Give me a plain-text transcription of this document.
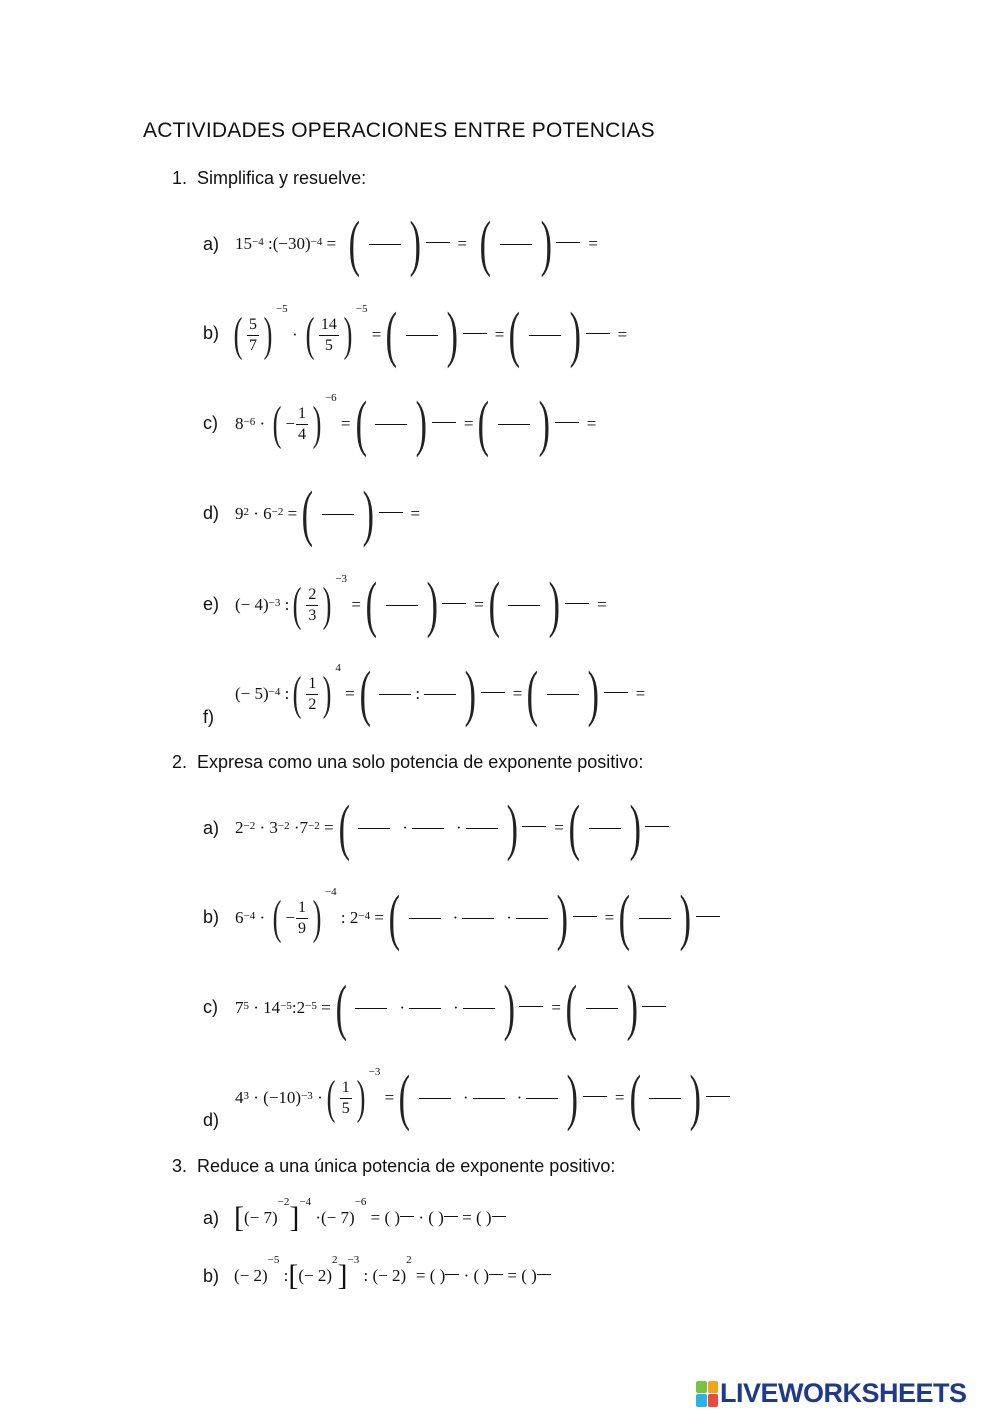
ACTIVIDADES OPERACIONES ENTRE POTENCIAS
1. Simplifica y resuelve:
a) $15^{-4}$
: $(-30)^{-4}$
= ( ) = ( ) =
b) ( $\frac{5}{7}$ ) $^{-5}$

·
( $\frac{14}{5}$ ) $^{-5}$

= ( ) = ( ) =
c) $8^{-6}$
·
( − $\frac{1}{4}$ ) $^{-6}$

= ( ) = ( ) =
d) $9^2$
·
$6^{-2}$
= ( ) =
e) (− 4)$^{-3}$
: ( $\frac{2}{3}$ ) $^{-3}$

= ( ) = ( ) =
f)
(− 5)$^{-4}$
: ( $\frac{1}{2}$ ) $^4$

= (	: ) = ( ) =
2. Expresa como una solo potencia de exponente positivo:
a) $2^{-2}$
·
$3^{-2}$
· $7^{-2}$
= (	·	· ) = ( )
b) $6^{-4}$
·
( − $\frac{1}{9}$ ) $^{-4}$

:
$2^{-4}$
= (	·	· ) = ( )
c) $7^5$
·
$14^{-5}$ : $2^{-5}$
= (	·	· ) = ( )
d)
$4^3$
·
$(-10)^{-3}$
· ( $\frac{1}{5}$ ) $^{-3}$

= (	·	· ) = ( )
3. Reduce a una única potencia de exponente positivo:
a) [ (− 7)
$^{-2}$ ]$^{-4}$

· (− 7)
$^{-6}$

=
( )
·
( )
=
( )
b) (− 2)
$^{-5}$

: [ (− 2)
$^2$ ]$^{-3}$

:
(− 2)
$^2$

=
( )
·
( )
=
( )
LIVEWORKSHEETS
